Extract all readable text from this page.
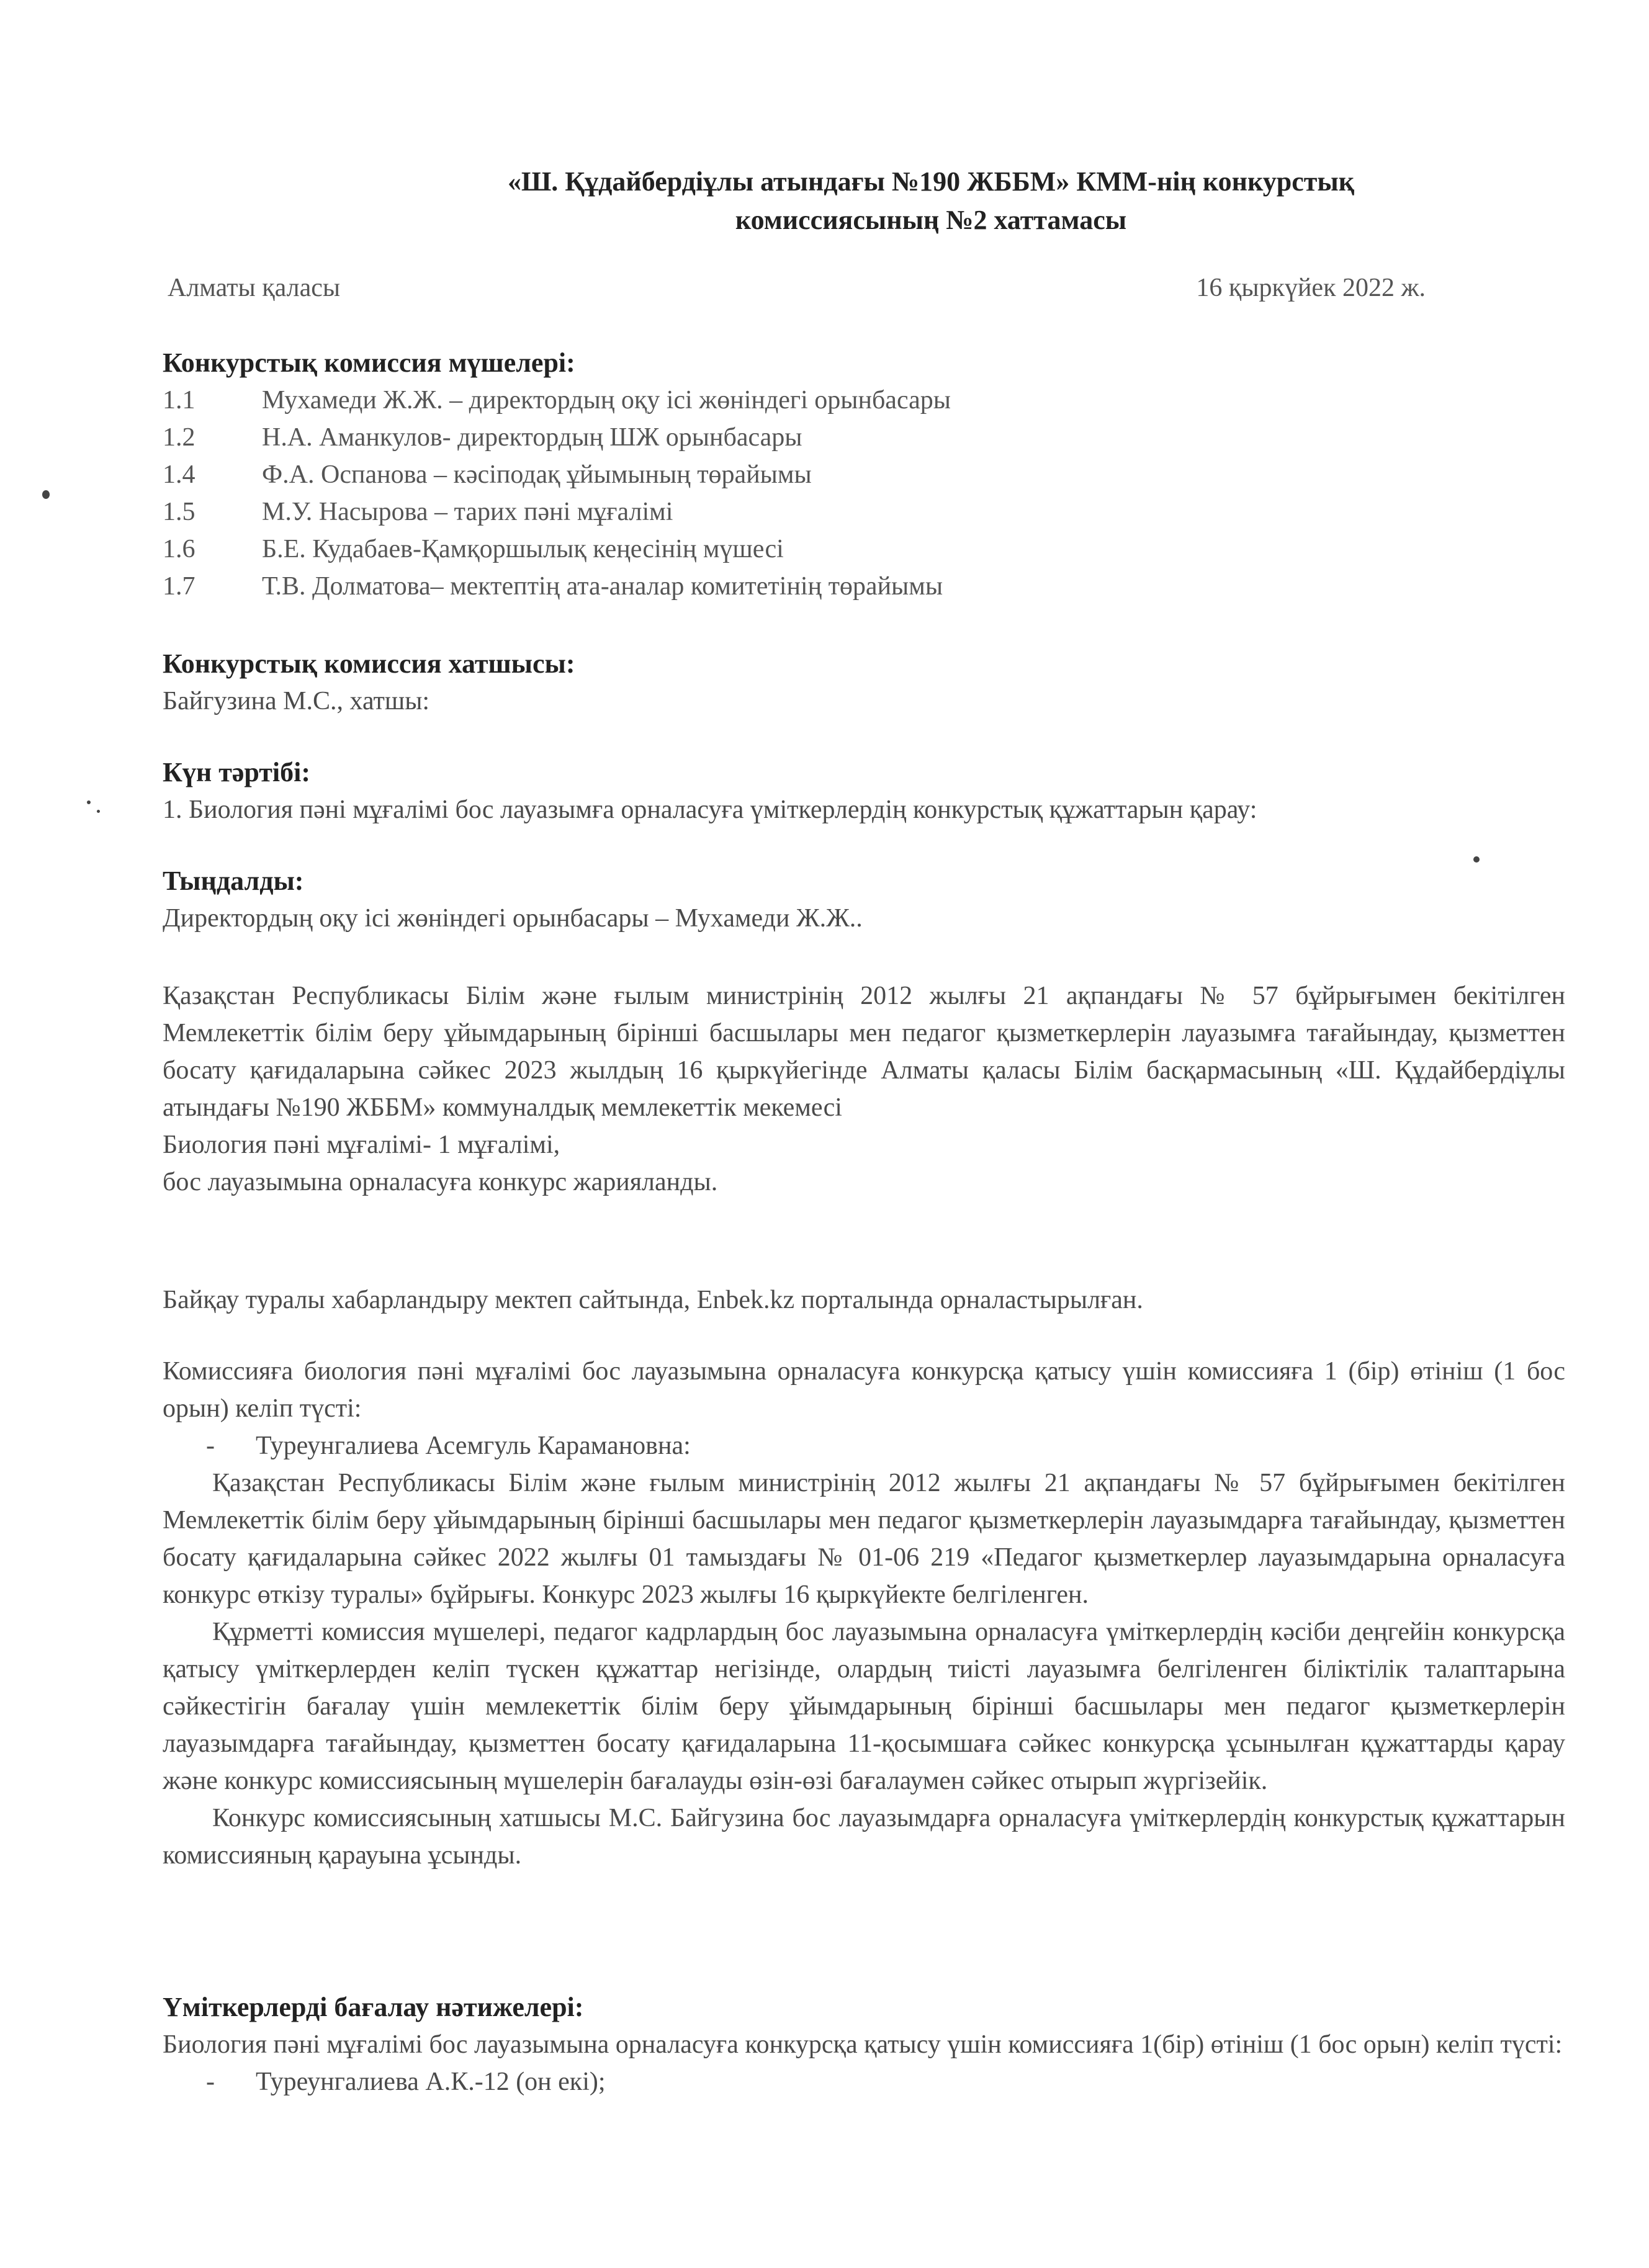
«Ш. Құдайбердіұлы атындағы №190 ЖББМ» КММ-нің конкурстық
комиссиясының №2 хаттамасы
Алматы қаласы	16 қыркүйек 2022 ж.
Конкурстық комиссия мүшелері:
1.1	Мухамеди Ж.Ж. – директордың оқу ісі жөніндегі орынбасары
1.2	Н.А. Аманкулов- директордың ШЖ орынбасары
1.4	Ф.А. Оспанова – кәсіподақ ұйымының төрайымы
1.5	М.У. Насырова – тарих пәні мұғалімі
1.6	Б.Е. Кудабаев-Қамқоршылық кеңесінің мүшесі
1.7	Т.В. Долматова– мектептің ата-аналар комитетінің төрайымы
Конкурстық комиссия хатшысы:

Байгузина М.С., хатшы:

Күн тәртібі:

1. Биология пәні мұғалімі бос лауазымға орналасуға үміткерлердің конкурстық құжаттарын қарау:

Тыңдалды:

Директордың оқу ісі жөніндегі орынбасары – Мухамеди Ж.Ж..

Қазақстан Республикасы Білім және ғылым министрінің 2012 жылғы 21 ақпандағы № 57 бұйрығымен бекітілген Мемлекеттік білім беру ұйымдарының бірінші басшылары мен педагог қызметкерлерін лауазымға тағайындау, қызметтен босату қағидаларына сәйкес 2023 жылдың 16 қыркүйегінде Алматы қаласы Білім басқармасының «Ш. Құдайбердіұлы атындағы №190 ЖББМ» коммуналдық мемлекеттік мекемесі

Биология пәні мұғалімі- 1 мұғалімі,

бос лауазымына орналасуға конкурс жарияланды.

Байқау туралы хабарландыру мектеп сайтында, Enbek.kz порталында орналастырылған.

Комиссияға биология пәні мұғалімі бос лауазымына орналасуға конкурсқа қатысу үшін комиссияға 1 (бір) өтініш (1 бос орын) келіп түсті:

-	Туреунгалиева Асемгуль Карамановна:

Қазақстан Республикасы Білім және ғылым министрінің 2012 жылғы 21 ақпандағы № 57 бұйрығымен бекітілген Мемлекеттік білім беру ұйымдарының бірінші басшылары мен педагог қызметкерлерін лауазымдарға тағайындау, қызметтен босату қағидаларына сәйкес 2022 жылғы 01 тамыздағы № 01-06 219 «Педагог қызметкерлер лауазымдарына орналасуға конкурс өткізу туралы» бұйрығы. Конкурс 2023 жылғы 16 қыркүйекте белгіленген.

Құрметті комиссия мүшелері, педагог кадрлардың бос лауазымына орналасуға үміткерлердің кәсіби деңгейін конкурсқа қатысу үміткерлерден келіп түскен құжаттар негізінде, олардың тиісті лауазымға белгіленген біліктілік талаптарына сәйкестігін бағалау үшін мемлекеттік білім беру ұйымдарының бірінші басшылары мен педагог қызметкерлерін лауазымдарға тағайындау, қызметтен босату қағидаларына 11-қосымшаға сәйкес конкурсқа ұсынылған құжаттарды қарау және конкурс комиссиясының мүшелерін бағалауды өзін-өзі бағалаумен сәйкес отырып жүргізейік.

Конкурс комиссиясының хатшысы М.С. Байгузина бос лауазымдарға орналасуға үміткерлердің конкурстық құжаттарын комиссияның қарауына ұсынды.

Үміткерлерді бағалау нәтижелері:

Биология пәні мұғалімі бос лауазымына орналасуға конкурсқа қатысу үшін комиссияға 1(бір) өтініш (1 бос орын) келіп түсті:

-	Туреунгалиева А.К.-12 (он екі);
